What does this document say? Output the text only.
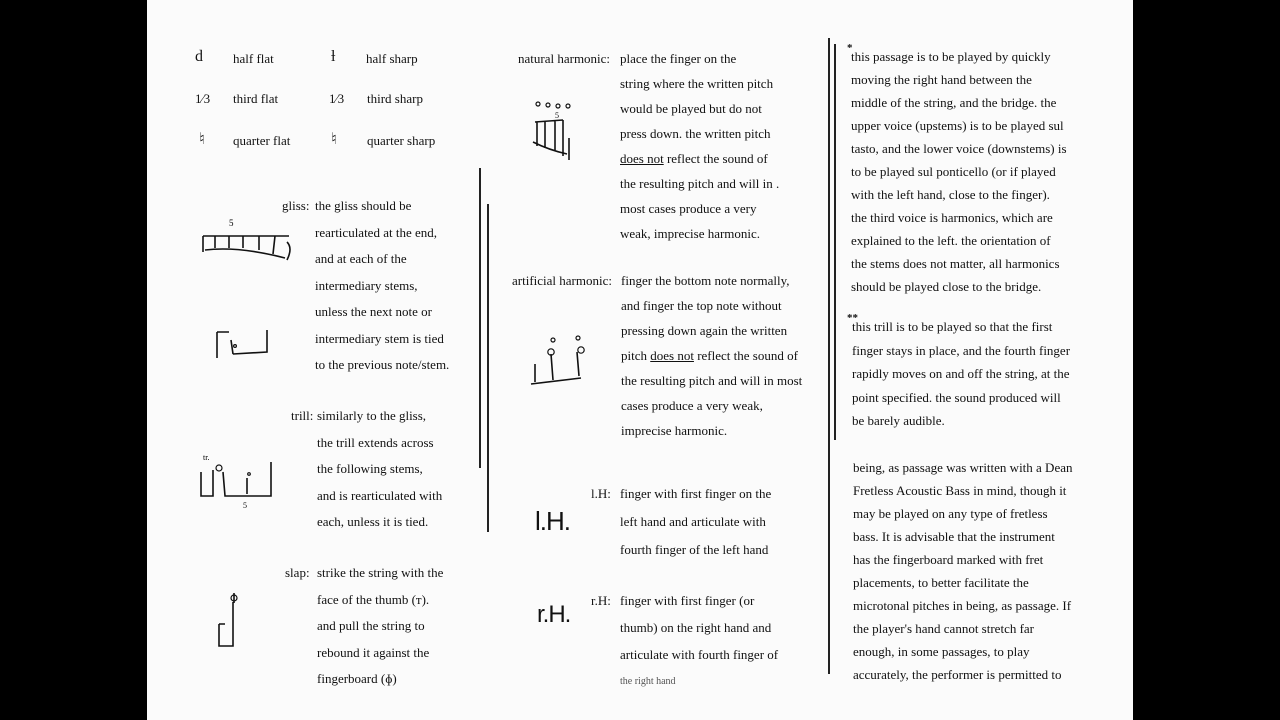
d half flat	ƚ half sharp
1⁄3 third flat	1⁄3 third sharp
♮ quarter flat	♮ quarter sharp
gliss: the gliss should be
rearticulated at the end,
and at each of the
intermediary stems,
unless the next note or
intermediary stem is tied
to the previous note/stem.
5
trill: similarly to the gliss,
the trill extends across
the following stems,
and is rearticulated with
each, unless it is tied.
tr.
5
slap: strike the string with the
face of the thumb (ᴛ).
and pull the string to
rebound it against the
fingerboard (ɸ)
natural harmonic: place the finger on the
string where the written pitch
would be played but do not
press down. the written pitch
does not reflect the sound of
the resulting pitch and will in .
most cases produce a very
weak, imprecise harmonic.
5
artificial harmonic: finger the bottom note normally,
and finger the top note without
pressing down again the written
pitch does not reflect the sound of
the resulting pitch and will in most
cases produce a very weak,
imprecise harmonic.
l.H.
l.H: finger with first finger on the
left hand and articulate with
fourth finger of the left hand
r.H.
r.H: finger with first finger (or
thumb) on the right hand and
articulate with fourth finger of
the right hand
*
this passage is to be played by quickly
moving the right hand between the
middle of the string, and the bridge. the
upper voice (upstems) is to be played sul
tasto, and the lower voice (downstems) is
to be played sul ponticello (or if played
with the left hand, close to the finger).
the third voice is harmonics, which are
explained to the left. the orientation of
the stems does not matter, all harmonics
should be played close to the bridge.
**
this trill is to be played so that the first
finger stays in place, and the fourth finger
rapidly moves on and off the string, at the
point specified. the sound produced will
be barely audible.
being, as passage was written with a Dean
Fretless Acoustic Bass in mind, though it
may be played on any type of fretless
bass. It is advisable that the instrument
has the fingerboard marked with fret
placements, to better facilitate the
microtonal pitches in being, as passage. If
the player's hand cannot stretch far
enough, in some passages, to play
accurately, the performer is permitted to
